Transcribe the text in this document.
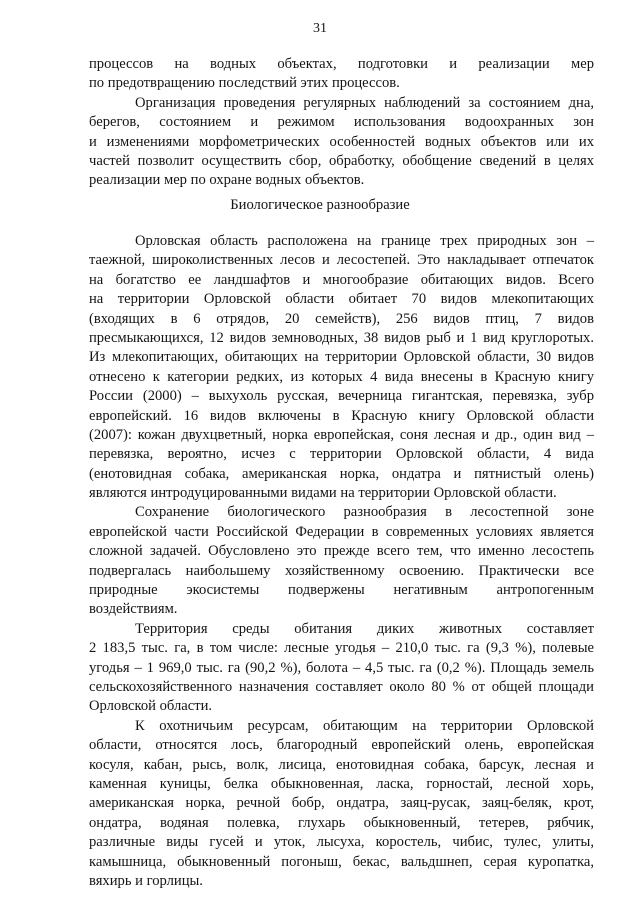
31
процессов на водных объектах, подготовки и реализации мер
по предотвращению последствий этих процессов.
Организация проведения регулярных наблюдений за состоянием дна,
берегов, состоянием и режимом использования водоохранных зон
и изменениями морфометрических особенностей водных объектов или их
частей позволит осуществить сбор, обработку, обобщение сведений в целях
реализации мер по охране водных объектов.
Биологическое разнообразие
Орловская область расположена на границе трех природных зон –
таежной, широколиственных лесов и лесостепей. Это накладывает отпечаток
на богатство ее ландшафтов и многообразие обитающих видов. Всего
на территории Орловской области обитает 70 видов млекопитающих
(входящих в 6 отрядов, 20 семейств), 256 видов птиц, 7 видов
пресмыкающихся, 12 видов земноводных, 38 видов рыб и 1 вид круглоротых.
Из млекопитающих, обитающих на территории Орловской области, 30 видов
отнесено к категории редких, из которых 4 вида внесены в Красную книгу
России (2000) – выхухоль русская, вечерница гигантская, перевязка, зубр
европейский. 16 видов включены в Красную книгу Орловской области
(2007): кожан двухцветный, норка европейская, соня лесная и др., один вид –
перевязка, вероятно, исчез с территории Орловской области, 4 вида
(енотовидная собака, американская норка, ондатра и пятнистый олень)
являются интродуцированными видами на территории Орловской области.
Сохранение биологического разнообразия в лесостепной зоне
европейской части Российской Федерации в современных условиях является
сложной задачей. Обусловлено это прежде всего тем, что именно лесостепь
подвергалась наибольшему хозяйственному освоению. Практически все
природные экосистемы подвержены негативным антропогенным
воздействиям.
Территория среды обитания диких животных составляет
2 183,5 тыс. га, в том числе: лесные угодья – 210,0 тыс. га (9,3 %), полевые
угодья – 1 969,0 тыс. га (90,2 %), болота – 4,5 тыс. га (0,2 %). Площадь земель
сельскохозяйственного назначения составляет около 80 % от общей площади
Орловской области.
К охотничьим ресурсам, обитающим на территории Орловской
области, относятся лось, благородный европейский олень, европейская
косуля, кабан, рысь, волк, лисица, енотовидная собака, барсук, лесная и
каменная куницы, белка обыкновенная, ласка, горностай, лесной хорь,
американская норка, речной бобр, ондатра, заяц-русак, заяц-беляк, крот,
ондатра, водяная полевка, глухарь обыкновенный, тетерев, рябчик,
различные виды гусей и уток, лысуха, коростель, чибис, тулес, улиты,
камышница, обыкновенный погоныш, бекас, вальдшнеп, серая куропатка,
вяхирь и горлицы.
